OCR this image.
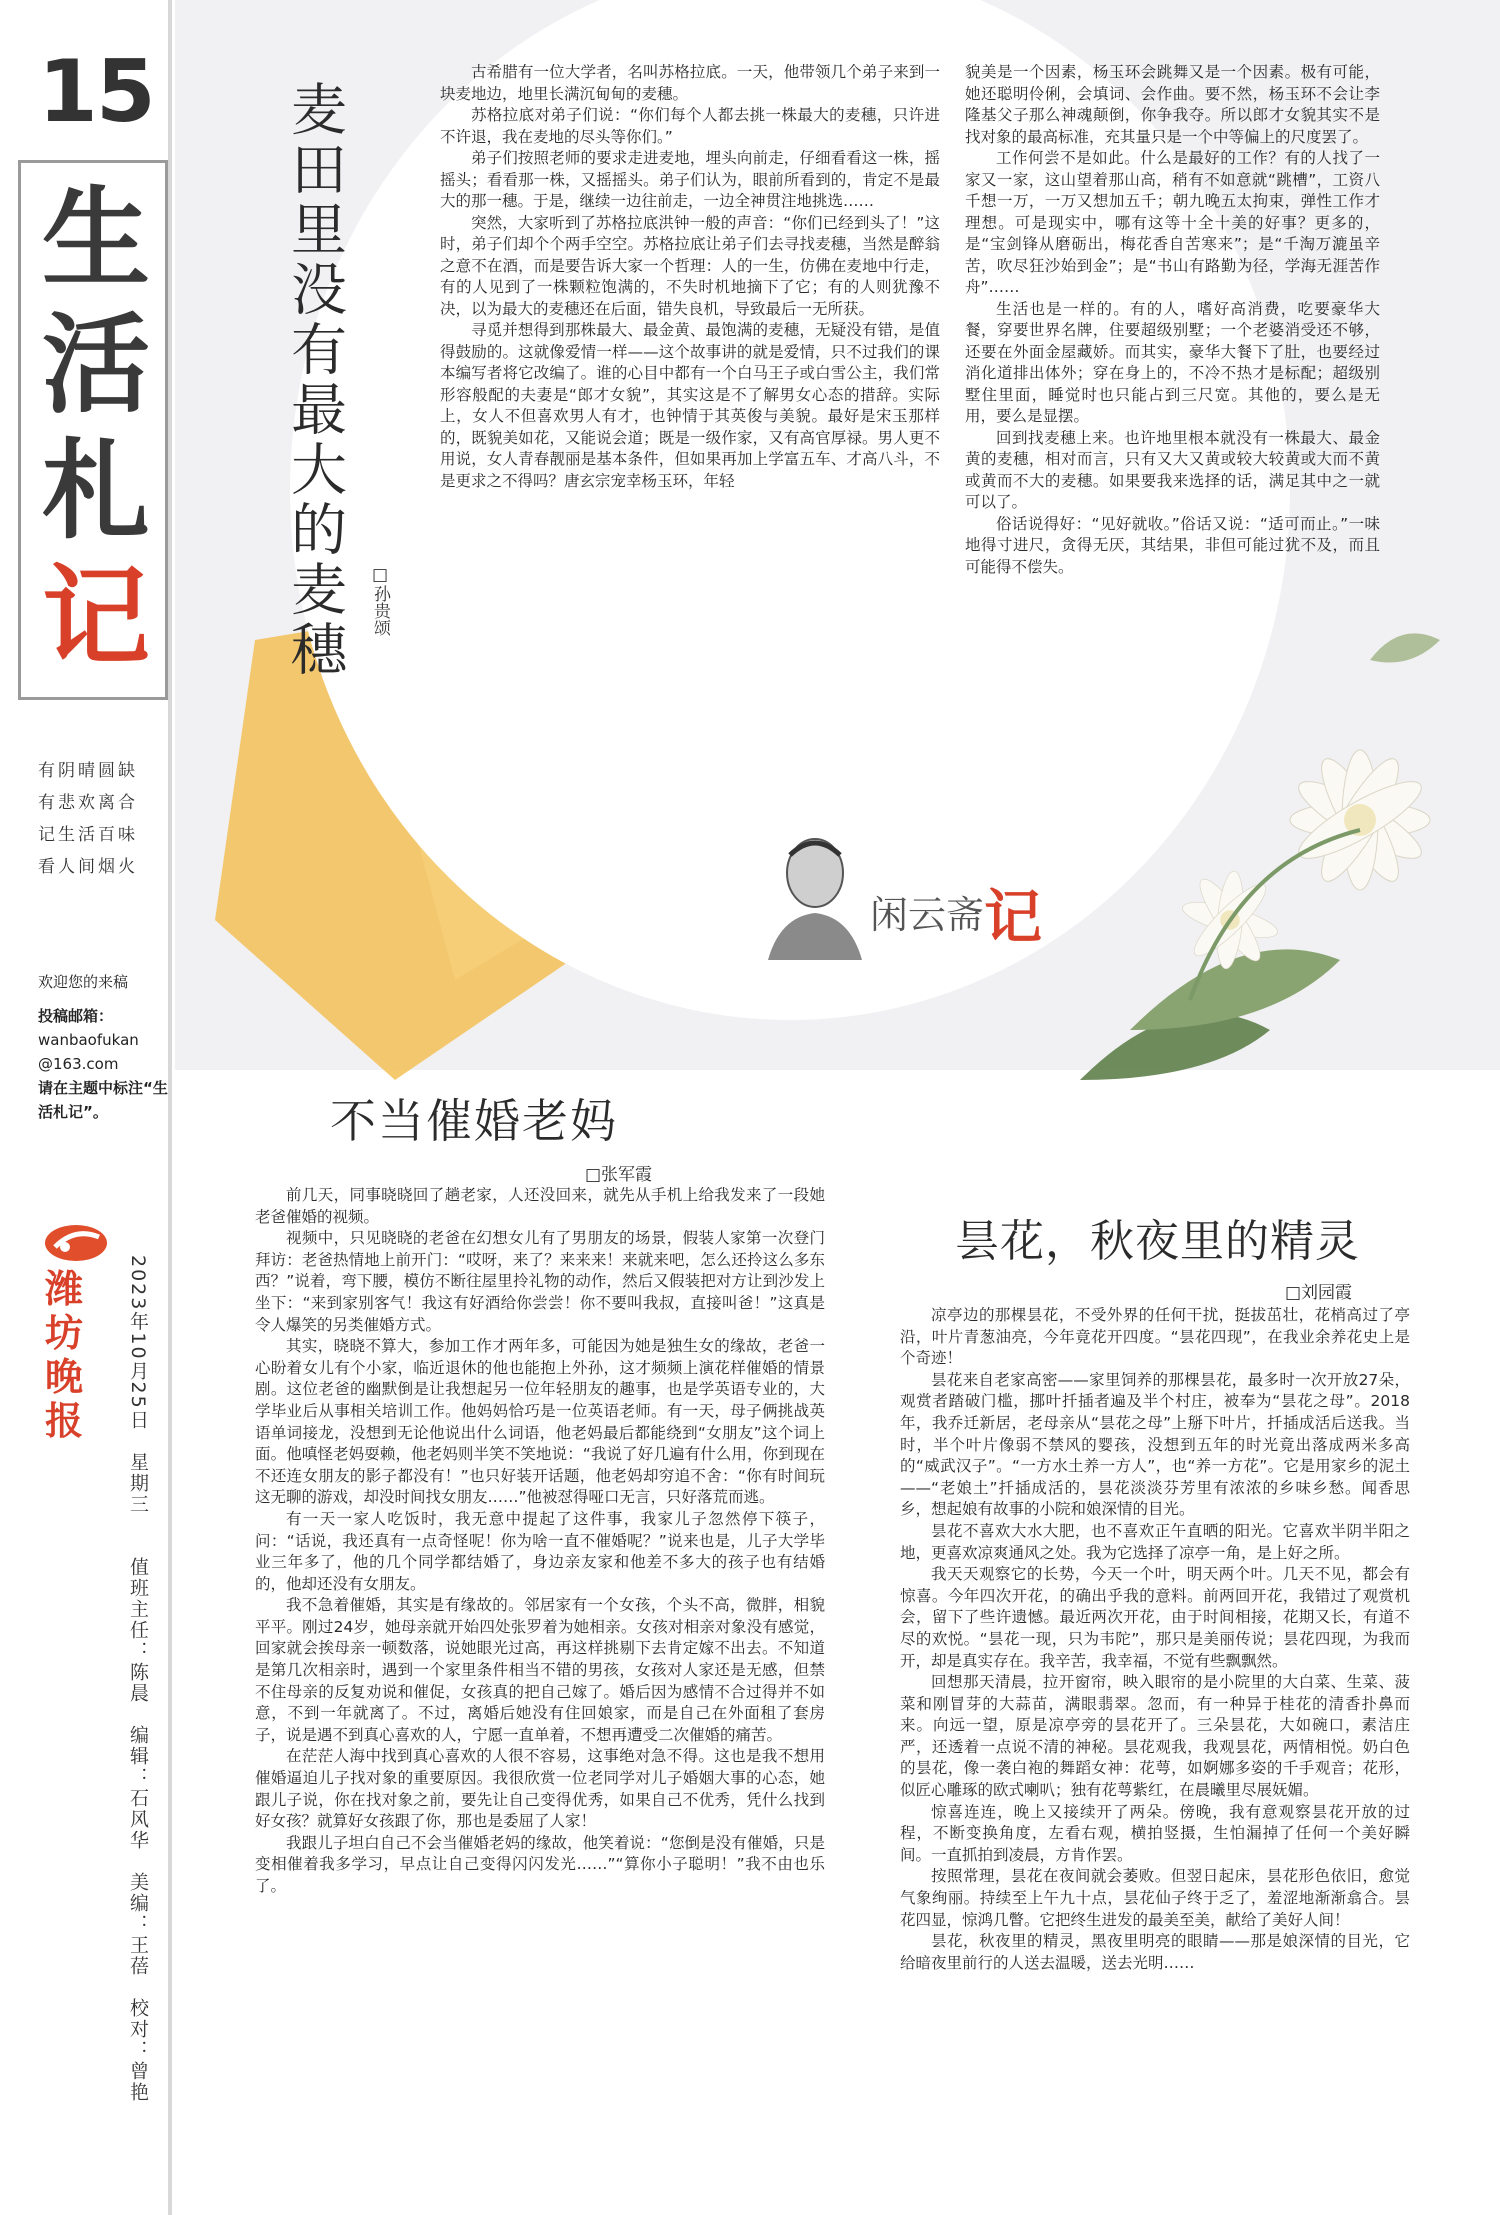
15
生
活
札
记
有阴晴圆缺
有悲欢离合
记生活百味
看人间烟火
欢迎您的来稿
投稿邮箱：
wanbaofukan
@163.com
请在主题中标注“生活札记”。
潍坊晚报	2023年10月25日　星期三　　值班主任：陈晨　编辑：石风华　美编：王蓓　校对：曾艳
麦田里没有最大的麦穗 □孙贵颂

古希腊有一位大学者，名叫苏格拉底。一天，他带领几个弟子来到一块麦地边，地里长满沉甸甸的麦穗。

苏格拉底对弟子们说：“你们每个人都去挑一株最大的麦穗，只许进不许退，我在麦地的尽头等你们。”

弟子们按照老师的要求走进麦地，埋头向前走，仔细看看这一株，摇摇头；看看那一株，又摇摇头。弟子们认为，眼前所看到的，肯定不是最大的那一穗。于是，继续一边往前走，一边全神贯注地挑选……

突然，大家听到了苏格拉底洪钟一般的声音：“你们已经到头了！”这时，弟子们却个个两手空空。苏格拉底让弟子们去寻找麦穗，当然是醉翁之意不在酒，而是要告诉大家一个哲理：人的一生，仿佛在麦地中行走，有的人见到了一株颗粒饱满的，不失时机地摘下了它；有的人则犹豫不决，以为最大的麦穗还在后面，错失良机，导致最后一无所获。

寻觅并想得到那株最大、最金黄、最饱满的麦穗，无疑没有错，是值得鼓励的。这就像爱情一样——这个故事讲的就是爱情，只不过我们的课本编写者将它改编了。谁的心目中都有一个白马王子或白雪公主，我们常形容般配的夫妻是“郎才女貌”，其实这是不了解男女心态的措辞。实际上，女人不但喜欢男人有才，也钟情于其英俊与美貌。最好是宋玉那样的，既貌美如花，又能说会道；既是一级作家，又有高官厚禄。男人更不用说，女人青春靓丽是基本条件，但如果再加上学富五车、才高八斗，不是更求之不得吗？唐玄宗宠幸杨玉环，年轻

貌美是一个因素，杨玉环会跳舞又是一个因素。极有可能，她还聪明伶俐，会填词、会作曲。要不然，杨玉环不会让李隆基父子那么神魂颠倒，你争我夺。所以郎才女貌其实不是找对象的最高标准，充其量只是一个中等偏上的尺度罢了。

工作何尝不是如此。什么是最好的工作？有的人找了一家又一家，这山望着那山高，稍有不如意就“跳槽”，工资八千想一万，一万又想加五千；朝九晚五太拘束，弹性工作才理想。可是现实中，哪有这等十全十美的好事？更多的，是“宝剑锋从磨砺出，梅花香自苦寒来”；是“千淘万漉虽辛苦，吹尽狂沙始到金”；是“书山有路勤为径，学海无涯苦作舟”……

生活也是一样的。有的人，嗜好高消费，吃要豪华大餐，穿要世界名牌，住要超级别墅；一个老婆消受还不够，还要在外面金屋藏娇。而其实，豪华大餐下了肚，也要经过消化道排出体外；穿在身上的，不冷不热才是标配；超级别墅住里面，睡觉时也只能占到三尺宽。其他的，要么是无用，要么是显摆。

回到找麦穗上来。也许地里根本就没有一株最大、最金黄的麦穗，相对而言，只有又大又黄或较大较黄或大而不黄或黄而不大的麦穗。如果要我来选择的话，满足其中之一就可以了。

俗话说得好：“见好就收。”俗话又说：“适可而止。”一味地得寸进尺，贪得无厌，其结果，非但可能过犹不及，而且可能得不偿失。

闲 云 斋 记
不当催婚老妈
□张军霞

前几天，同事晓晓回了趟老家，人还没回来，就先从手机上给我发来了一段她老爸催婚的视频。

视频中，只见晓晓的老爸在幻想女儿有了男朋友的场景，假装人家第一次登门拜访：老爸热情地上前开门：“哎呀，来了？来来来！来就来吧，怎么还拎这么多东西？”说着，弯下腰，模仿不断往屋里拎礼物的动作，然后又假装把对方让到沙发上坐下：“来到家别客气！我这有好酒给你尝尝！你不要叫我叔，直接叫爸！”这真是令人爆笑的另类催婚方式。

其实，晓晓不算大，参加工作才两年多，可能因为她是独生女的缘故，老爸一心盼着女儿有个小家，临近退休的他也能抱上外孙，这才频频上演花样催婚的情景剧。这位老爸的幽默倒是让我想起另一位年轻朋友的趣事，也是学英语专业的，大学毕业后从事相关培训工作。他妈妈恰巧是一位英语老师。有一天，母子俩挑战英语单词接龙，没想到无论他说出什么词语，他老妈最后都能绕到“女朋友”这个词上面。他嗔怪老妈耍赖，他老妈则半笑不笑地说：“我说了好几遍有什么用，你到现在不还连女朋友的影子都没有！”也只好装开话题，他老妈却穷追不舍：“你有时间玩这无聊的游戏，却没时间找女朋友……”他被怼得哑口无言，只好落荒而逃。

有一天一家人吃饭时，我无意中提起了这件事，我家儿子忽然停下筷子，问：“话说，我还真有一点奇怪呢！你为啥一直不催婚呢？”说来也是，儿子大学毕业三年多了，他的几个同学都结婚了，身边亲友家和他差不多大的孩子也有结婚的，他却还没有女朋友。

我不急着催婚，其实是有缘故的。邻居家有一个女孩，个头不高，微胖，相貌平平。刚过24岁，她母亲就开始四处张罗着为她相亲。女孩对相亲对象没有感觉，回家就会挨母亲一顿数落，说她眼光过高，再这样挑剔下去肯定嫁不出去。不知道是第几次相亲时，遇到一个家里条件相当不错的男孩，女孩对人家还是无感，但禁不住母亲的反复劝说和催促，女孩真的把自己嫁了。婚后因为感情不合过得并不如意，不到一年就离了。不过，离婚后她没有住回娘家，而是自己在外面租了套房子，说是遇不到真心喜欢的人，宁愿一直单着，不想再遭受二次催婚的痛苦。

在茫茫人海中找到真心喜欢的人很不容易，这事绝对急不得。这也是我不想用催婚逼迫儿子找对象的重要原因。我很欣赏一位老同学对儿子婚姻大事的心态，她跟儿子说，你在找对象之前，要先让自己变得优秀，如果自己不优秀，凭什么找到好女孩？就算好女孩跟了你，那也是委屈了人家！

我跟儿子坦白自己不会当催婚老妈的缘故，他笑着说：“您倒是没有催婚，只是变相催着我多学习，早点让自己变得闪闪发光……”“算你小子聪明！”我不由也乐了。

昙花，秋夜里的精灵
□刘园霞

凉亭边的那棵昙花，不受外界的任何干扰，挺拔茁壮，花梢高过了亭沿，叶片青葱油亮，今年竟花开四度。“昙花四现”，在我业余养花史上是个奇迹！

昙花来自老家高密——家里饲养的那棵昙花，最多时一次开放27朵，观赏者踏破门槛，挪叶扦插者遍及半个村庄，被奉为“昙花之母”。2018年，我乔迁新居，老母亲从“昙花之母”上掰下叶片，扦插成活后送我。当时，半个叶片像弱不禁风的婴孩，没想到五年的时光竟出落成两米多高的“威武汉子”。“一方水土养一方人”，也“养一方花”。它是用家乡的泥土——“老娘土”扦插成活的，昙花淡淡芬芳里有浓浓的乡味乡愁。闻香思乡，想起娘有故事的小院和娘深情的目光。

昙花不喜欢大水大肥，也不喜欢正午直晒的阳光。它喜欢半阴半阳之地，更喜欢凉爽通风之处。我为它选择了凉亭一角，是上好之所。

我天天观察它的长势，今天一个叶，明天两个叶。几天不见，都会有惊喜。今年四次开花，的确出乎我的意料。前两回开花，我错过了观赏机会，留下了些许遗憾。最近两次开花，由于时间相接，花期又长，有道不尽的欢悦。“昙花一现，只为韦陀”，那只是美丽传说；昙花四现，为我而开，却是真实存在。我辛苦，我幸福，不觉有些飘飘然。

回想那天清晨，拉开窗帘，映入眼帘的是小院里的大白菜、生菜、菠菜和刚冒芽的大蒜苗，满眼翡翠。忽而，有一种异于桂花的清香扑鼻而来。向远一望，原是凉亭旁的昙花开了。三朵昙花，大如碗口，素洁庄严，还透着一点说不清的神秘。昙花观我，我观昙花，两情相悦。奶白色的昙花，像一袭白袍的舞蹈女神：花萼，如婀娜多姿的千手观音；花形，似匠心雕琢的欧式喇叭；独有花萼紫红，在晨曦里尽展妩媚。

惊喜连连，晚上又接续开了两朵。傍晚，我有意观察昙花开放的过程，不断变换角度，左看右观，横拍竖摄，生怕漏掉了任何一个美好瞬间。一直抓拍到凌晨，方肯作罢。

按照常理，昙花在夜间就会萎败。但翌日起床，昙花形色依旧，愈觉气象绚丽。持续至上午九十点，昙花仙子终于乏了，羞涩地渐渐翕合。昙花四显，惊鸿几瞥。它把终生进发的最美至美，献给了美好人间！

昙花，秋夜里的精灵，黑夜里明亮的眼睛——那是娘深情的目光，它给暗夜里前行的人送去温暖，送去光明……
